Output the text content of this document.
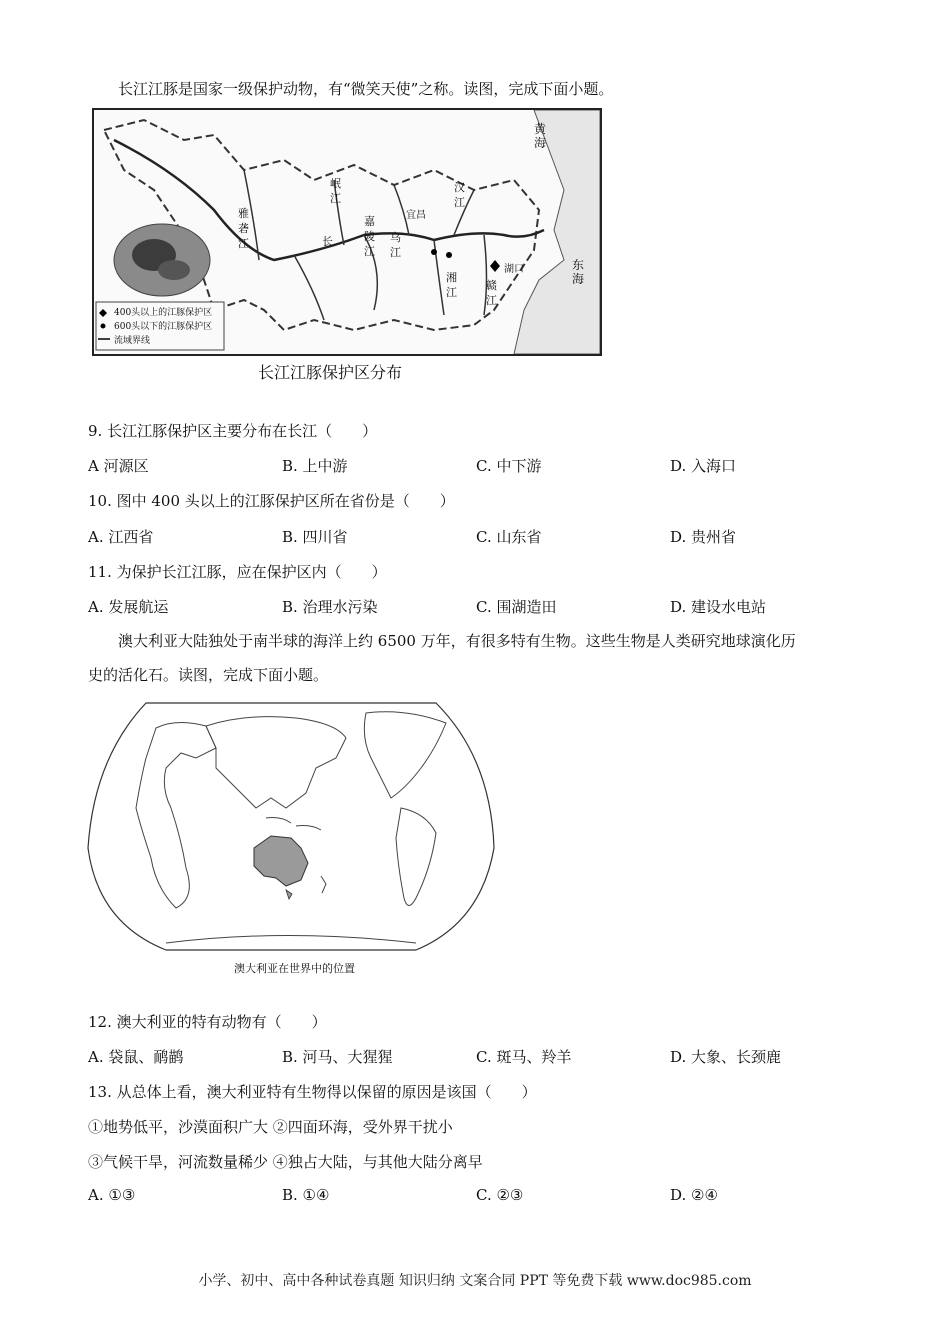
长江江豚是国家一级保护动物，有“微笑天使”之称。读图，完成下面小题。
黄海
东海
雅砻江
岷江
长
嘉陵江
汉江
宜昌
湖口
乌江
湘江
赣江
400头以上的江豚保护区
600头以下的江豚保护区
流域界线
长江江豚保护区分布
9. 长江江豚保护区主要分布在长江（　　）
A 河源区	B. 上中游	C. 中下游	D. 入海口
10. 图中 400 头以上的江豚保护区所在省份是（　　）
A. 江西省	B. 四川省	C. 山东省	D. 贵州省
11. 为保护长江江豚，应在保护区内（　　）
A. 发展航运	B. 治理水污染	C. 围湖造田	D. 建设水电站
澳大利亚大陆独处于南半球的海洋上约 6500 万年，有很多特有生物。这些生物是人类研究地球演化历
史的活化石。读图，完成下面小题。
澳大利亚在世界中的位置
12. 澳大利亚的特有动物有（　　）
A. 袋鼠、鸸鹋	B. 河马、大猩猩	C. 斑马、羚羊	D. 大象、长颈鹿
13. 从总体上看，澳大利亚特有生物得以保留的原因是该国（　　）
①地势低平，沙漠面积广大 ②四面环海，受外界干扰小
③气候干旱，河流数量稀少 ④独占大陆，与其他大陆分离早
A. ①③	B. ①④	C. ②③	D. ②④
小学、初中、高中各种试卷真题 知识归纳 文案合同 PPT 等免费下载 www.doc985.com
